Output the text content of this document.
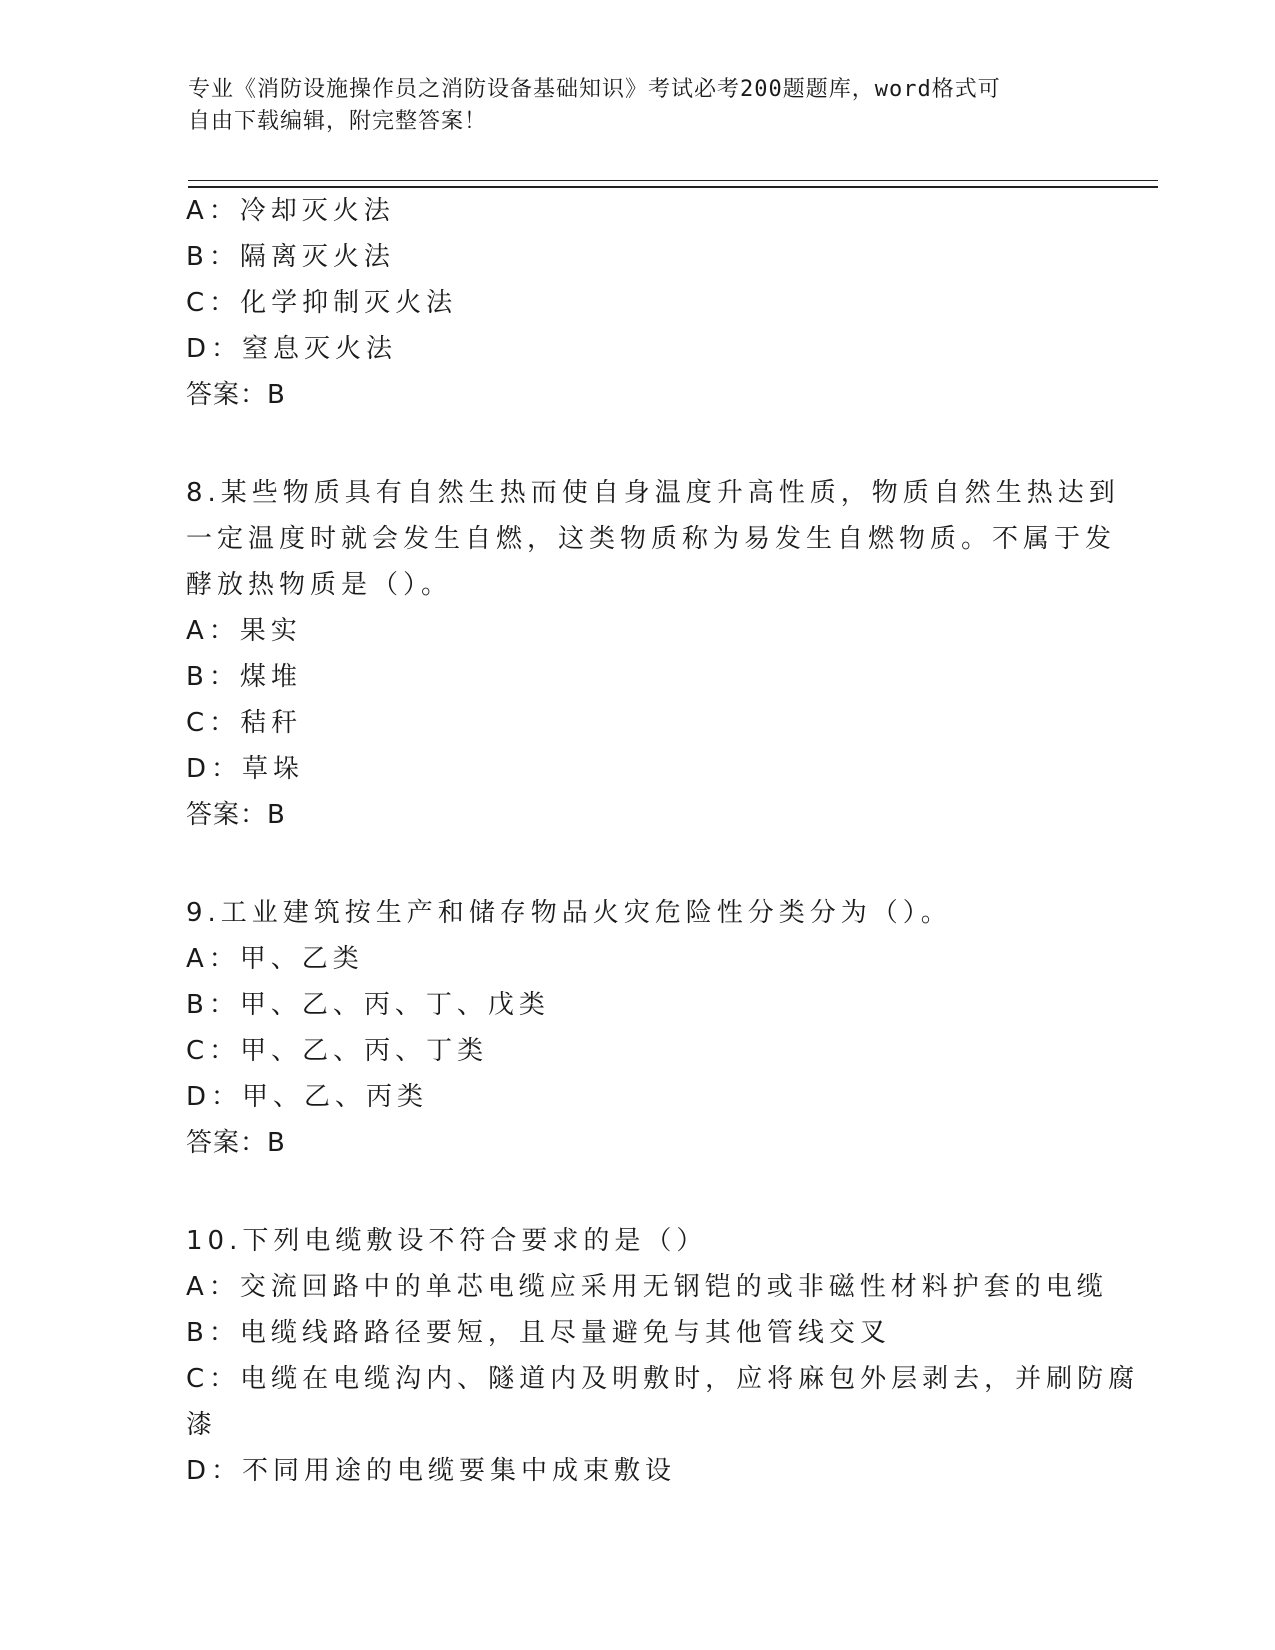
专业《消防设施操作员之消防设备基础知识》考试必考200题题库，word格式可
自由下载编辑，附完整答案！
A：冷却灭火法
B：隔离灭火法
C：化学抑制灭火法
D：窒息灭火法
答案：B
8.某些物质具有自然生热而使自身温度升高性质，物质自然生热达到
一定温度时就会发生自燃，这类物质称为易发生自燃物质。不属于发
酵放热物质是（）。
A：果实
B：煤堆
C：秸秆
D：草垛
答案：B
9.工业建筑按生产和储存物品火灾危险性分类分为（）。
A：甲、乙类
B：甲、乙、丙、丁、戊类
C：甲、乙、丙、丁类
D：甲、乙、丙类
答案：B
10.下列电缆敷设不符合要求的是（）
A：交流回路中的单芯电缆应采用无钢铠的或非磁性材料护套的电缆
B：电缆线路路径要短，且尽量避免与其他管线交叉
C：电缆在电缆沟内、隧道内及明敷时，应将麻包外层剥去，并刷防腐
漆
D：不同用途的电缆要集中成束敷设
